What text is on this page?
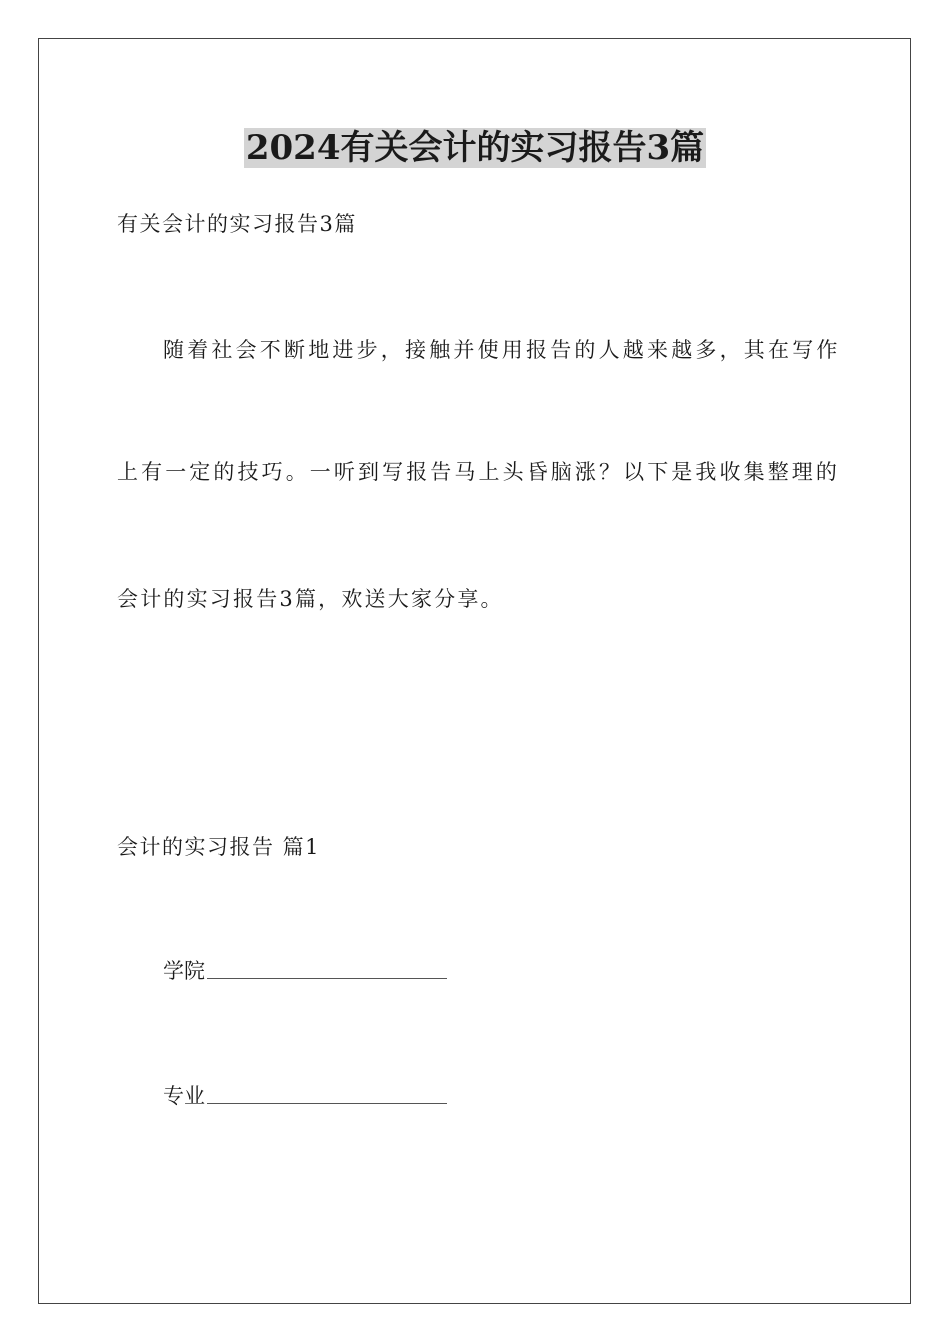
2024有关会计的实习报告3篇
有关会计的实习报告3篇
随着社会不断地进步，接触并使用报告的人越来越多，其在写作
上有一定的技巧。一听到写报告马上头昏脑涨？以下是我收集整理的
会计的实习报告3篇，欢送大家分享。
会计的实习报告 篇1
学院
专业
